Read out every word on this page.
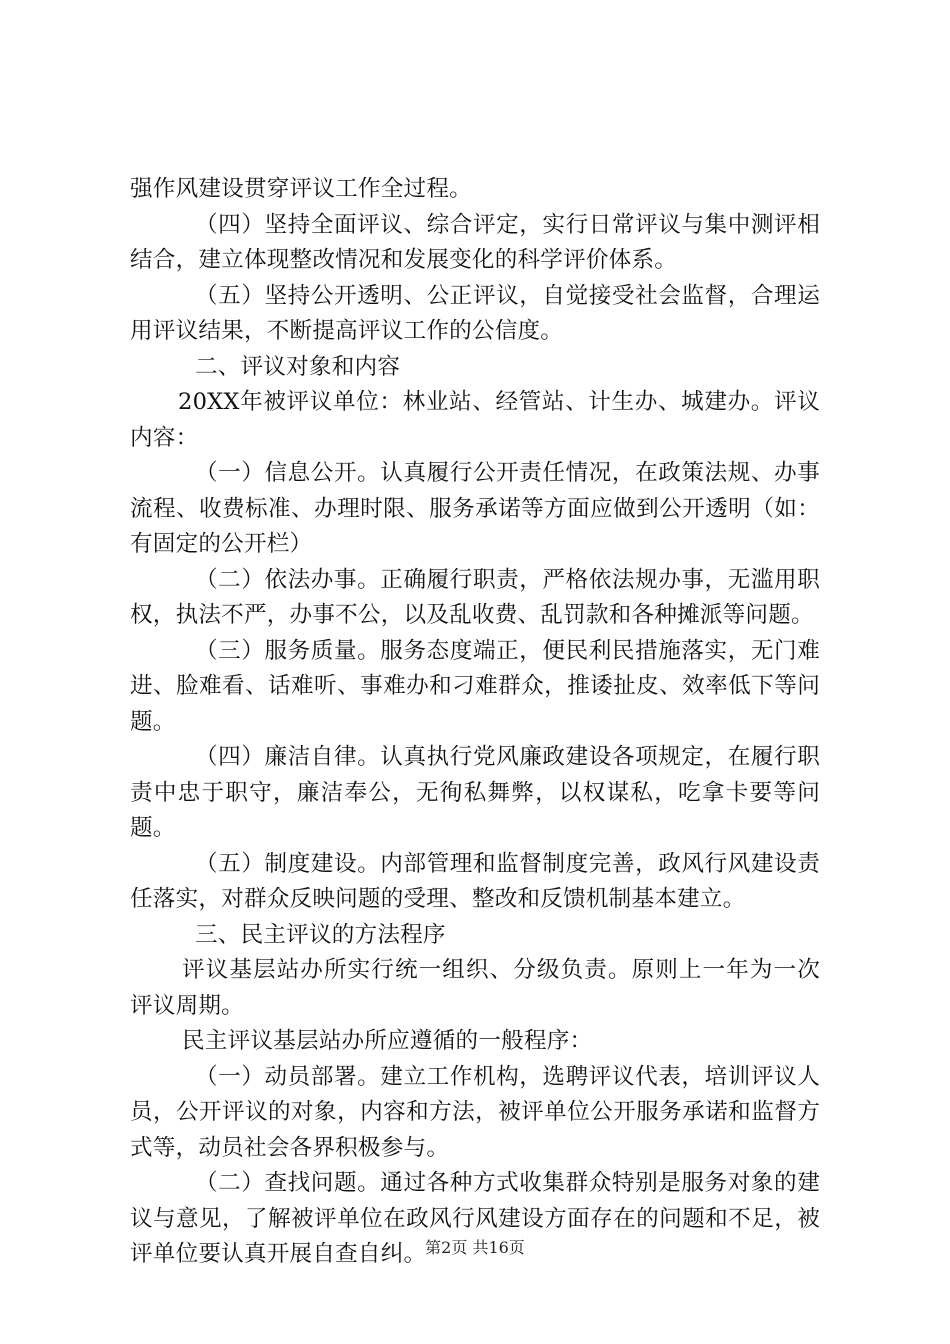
强作风建设贯穿评议工作全过程。

（四）坚持全面评议、综合评定，实行日常评议与集中测评相结合，建立体现整改情况和发展变化的科学评价体系。

（五）坚持公开透明、公正评议，自觉接受社会监督，合理运用评议结果，不断提高评议工作的公信度。

二、评议对象和内容

20XX年被评议单位：林业站、经管站、计生办、城建办。评议内容：

（一）信息公开。认真履行公开责任情况，在政策法规、办事流程、收费标准、办理时限、服务承诺等方面应做到公开透明（如：有固定的公开栏）

（二）依法办事。正确履行职责，严格依法规办事，无滥用职权，执法不严，办事不公，以及乱收费、乱罚款和各种摊派等问题。

（三）服务质量。服务态度端正，便民利民措施落实，无门难进、脸难看、话难听、事难办和刁难群众，推诿扯皮、效率低下等问题。

（四）廉洁自律。认真执行党风廉政建设各项规定，在履行职责中忠于职守，廉洁奉公，无徇私舞弊，以权谋私，吃拿卡要等问题。

（五）制度建设。内部管理和监督制度完善，政风行风建设责任落实，对群众反映问题的受理、整改和反馈机制基本建立。

三、民主评议的方法程序

评议基层站办所实行统一组织、分级负责。原则上一年为一次评议周期。

民主评议基层站办所应遵循的一般程序：

（一）动员部署。建立工作机构，选聘评议代表，培训评议人员，公开评议的对象，内容和方法，被评单位公开服务承诺和监督方式等，动员社会各界积极参与。

（二）查找问题。通过各种方式收集群众特别是服务对象的建议与意见，了解被评单位在政风行风建设方面存在的问题和不足，被评单位要认真开展自查自纠。

第2页 共16页
